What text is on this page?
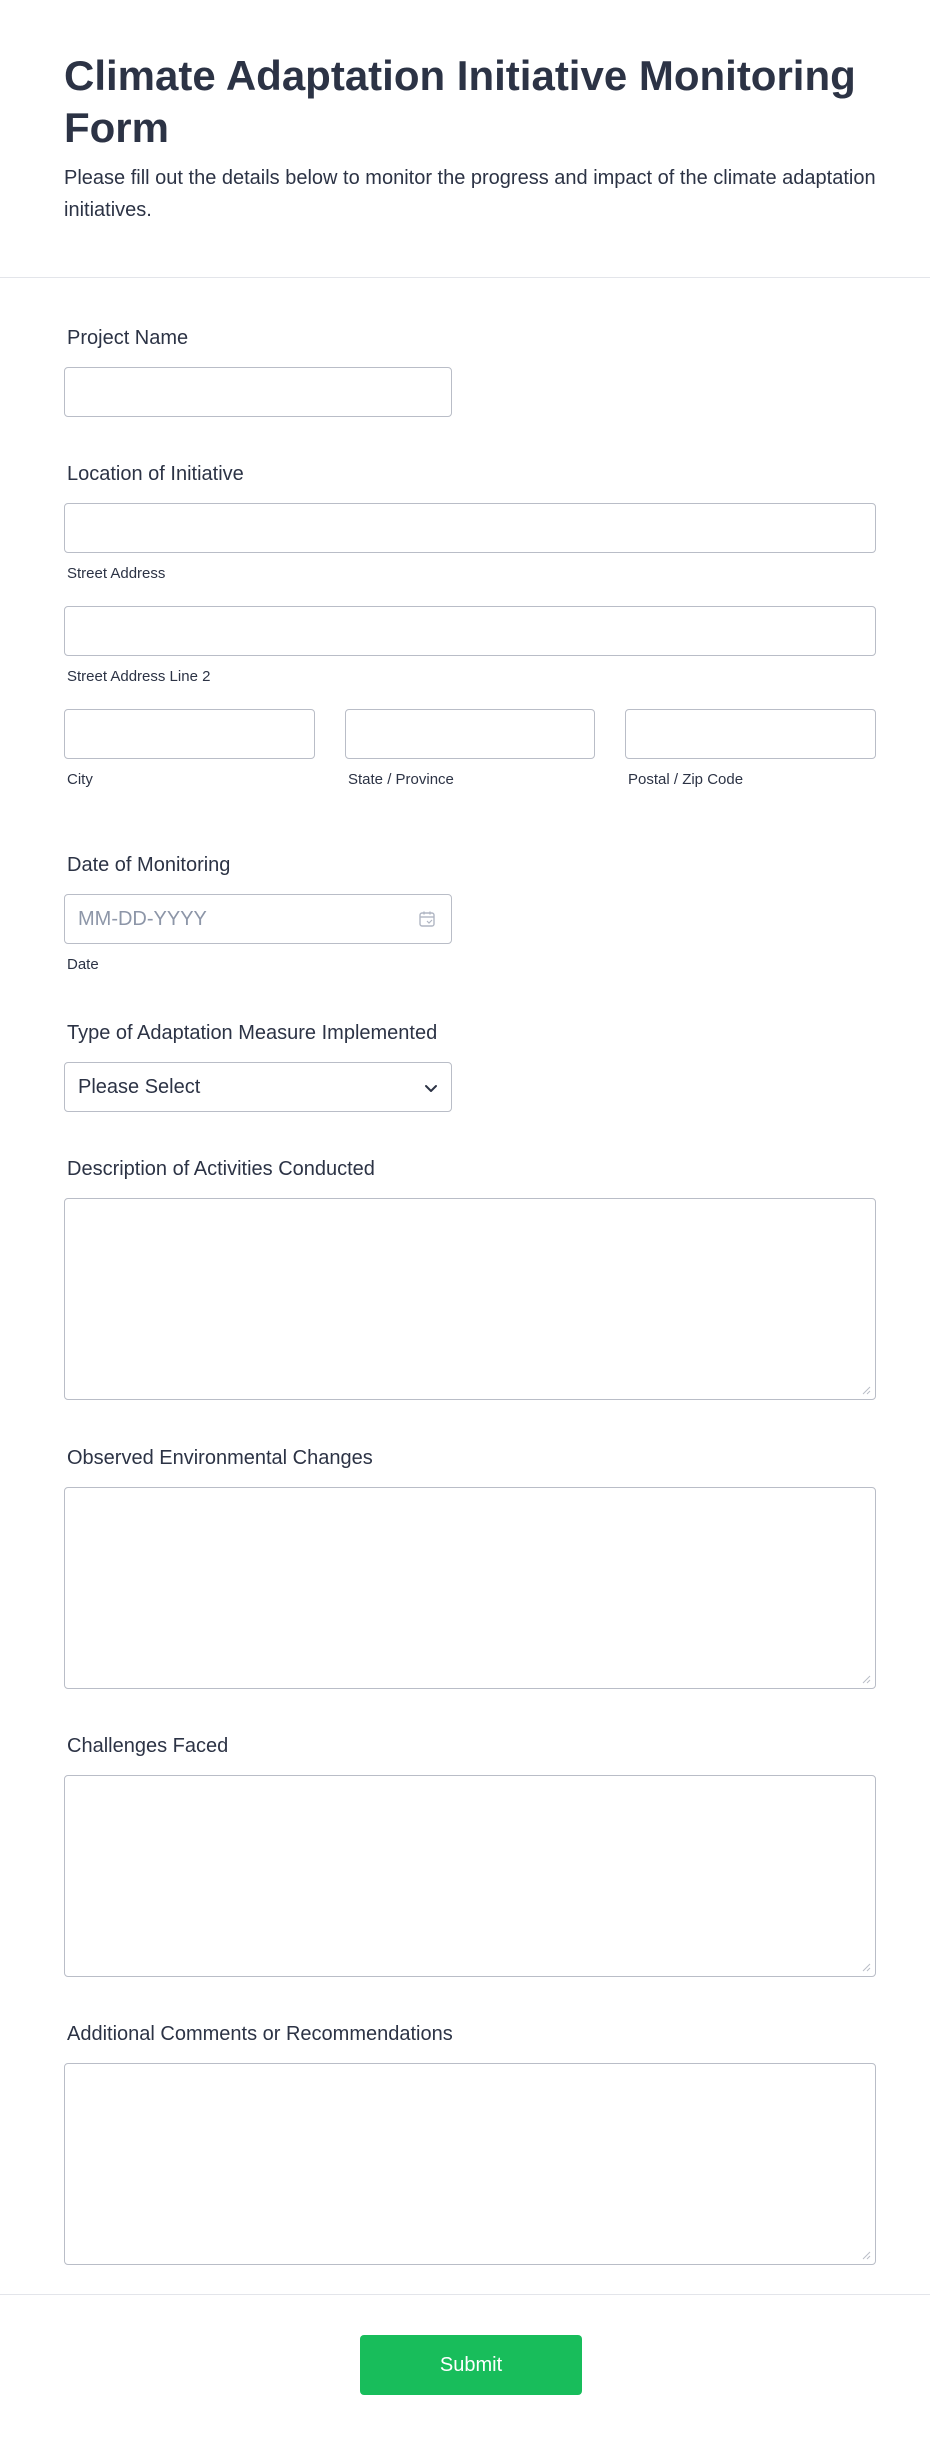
Climate Adaptation Initiative Monitoring Form

Please fill out the details below to monitor the progress and impact of the climate adaptation initiatives.

Project Name
Location of Initiative
Street Address
Street Address Line 2
City	State / Province	Postal / Zip Code
Date of Monitoring
MM-DD-YYYY
Date
Type of Adaptation Measure Implemented
Please Select
Description of Activities Conducted
Observed Environmental Changes
Challenges Faced
Additional Comments or Recommendations
Submit
